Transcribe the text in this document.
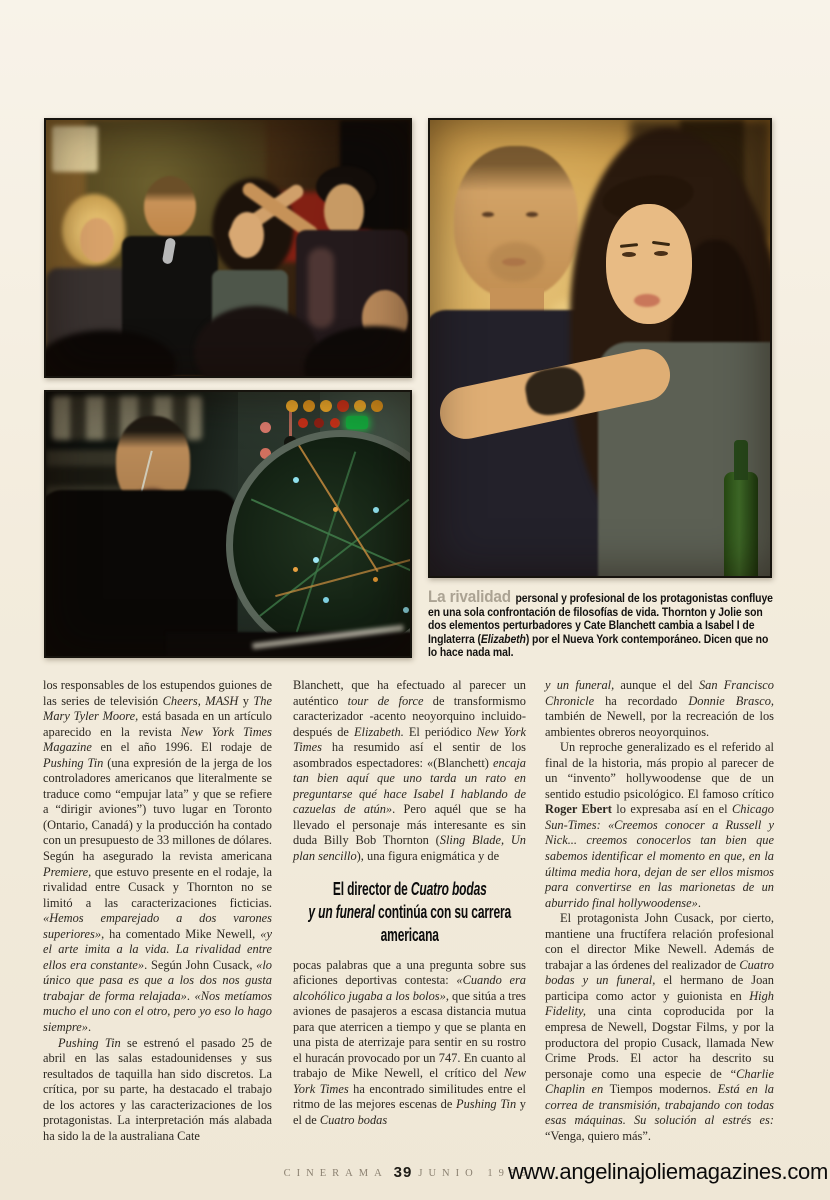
La rivalidad personal y profesional de los protagonistas confluye en una sola confrontación de filosofías de vida. Thornton y Jolie son dos elementos perturbadores y Cate Blanchett cambia a Isabel I de Inglaterra (Elizabeth) por el Nueva York contemporáneo. Dicen que no lo hace nada mal.

los responsables de los estupendos guiones de las series de televisión Cheers, MASH y The Mary Tyler Moore, está basada en un artículo aparecido en la revista New York Times Magazine en el año 1996. El rodaje de Pushing Tin (una expresión de la jerga de los controladores americanos que literalmente se traduce como “empujar lata” y que se refiere a “dirigir aviones”) tuvo lugar en Toronto (Ontario, Canadá) y la producción ha contado con un presupuesto de 33 millones de dólares. Según ha asegurado la revista americana Premiere, que estuvo presente en el rodaje, la rivalidad entre Cusack y Thornton no se limitó a las caracterizaciones ficticias. «Hemos emparejado a dos varones superiores», ha comentado Mike Newell, «y el arte imita a la vida. La rivalidad entre ellos era constante». Según John Cusack, «lo único que pasa es que a los dos nos gusta trabajar de forma relajada». «Nos metíamos mucho el uno con el otro, pero yo eso lo hago siempre».

Pushing Tin se estrenó el pasado 25 de abril en las salas estadounidenses y sus resultados de taquilla han sido discretos. La crítica, por su parte, ha destacado el trabajo de los actores y las caracterizaciones de los protagonistas. La interpretación más alabada ha sido la de la australiana Cate

Blanchett, que ha efectuado al parecer un auténtico tour de force de transformismo caracterizador -acento neoyorquino incluido- después de Elizabeth. El periódico New York Times ha resumido así el sentir de los asombrados espectadores: «(Blanchett) encaja tan bien aquí que uno tarda un rato en preguntarse qué hace Isabel I hablando de cazuelas de atún». Pero aquél que se ha llevado el personaje más interesante es sin duda Billy Bob Thornton (Sling Blade, Un plan sencillo), una figura enigmática y de

El director de Cuatro bodas

y un funeral continúa con su carrera

americana

pocas palabras que a una pregunta sobre sus aficiones deportivas contesta: «Cuando era alcohólico jugaba a los bolos», que sitúa a tres aviones de pasajeros a escasa distancia mutua para que aterricen a tiempo y que se planta en una pista de aterrizaje para sentir en su rostro el huracán provocado por un 747. En cuanto al trabajo de Mike Newell, el crítico del New York Times ha encontrado similitudes entre el ritmo de las mejores escenas de Pushing Tin y el de Cuatro bodas

y un funeral, aunque el del San Francisco Chronicle ha recordado Donnie Brasco, también de Newell, por la recreación de los ambientes obreros neoyorquinos.

Un reproche generalizado es el referido al final de la historia, más propio al parecer de un “invento” hollywoodense que de un sentido estudio psicológico. El famoso crítico Roger Ebert lo expresaba así en el Chicago Sun-Times: «Creemos conocer a Russell y Nick... creemos conocerlos tan bien que sabemos identificar el momento en que, en la última media hora, dejan de ser ellos mismos para convertirse en las marionetas de un aburrido final hollywoodense».

El protagonista John Cusack, por cierto, mantiene una fructífera relación profesional con el director Mike Newell. Además de trabajar a las órdenes del realizador de Cuatro bodas y un funeral, el hermano de Joan participa como actor y guionista en High Fidelity, una cinta coproducida por la empresa de Newell, Dogstar Films, y por la productora del propio Cusack, llamada New Crime Prods. El actor ha descrito su personaje como una especie de “Charlie Chaplin en Tiempos modernos. Está en la correa de transmisión, trabajando con todas esas máquinas. Su solución al estrés es: “Venga, quiero más”.

CINERAMA 39 JUNIO 1999
www.angelinajoliemagazines.com
